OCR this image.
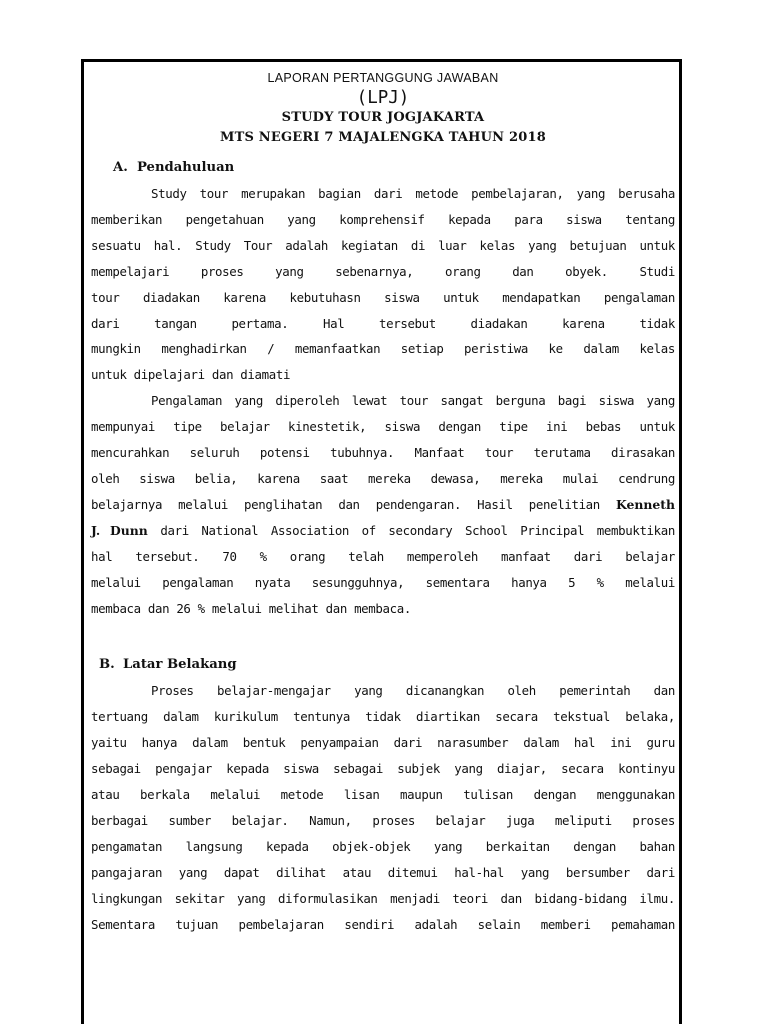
LAPORAN PERTANGGUNG JAWABAN
(LPJ)
STUDY TOUR JOGJAKARTA
MTS NEGERI 7 MAJALENGKA TAHUN 2018
A. Pendahuluan
Study tour merupakan bagian dari metode pembelajaran, yang berusaha
memberikan pengetahuan yang komprehensif kepada para siswa tentang
sesuatu hal. Study Tour adalah kegiatan di luar kelas yang betujuan untuk
mempelajari proses yang sebenarnya, orang dan obyek. Studi
tour diadakan karena kebutuhasn siswa untuk mendapatkan pengalaman
dari tangan pertama. Hal tersebut diadakan karena tidak
mungkin menghadirkan / memanfaatkan setiap peristiwa ke dalam kelas
untuk dipelajari dan diamati
Pengalaman yang diperoleh lewat tour sangat berguna bagi siswa yang
mempunyai tipe belajar kinestetik, siswa dengan tipe ini bebas untuk
mencurahkan seluruh potensi tubuhnya. Manfaat tour terutama dirasakan
oleh siswa belia, karena saat mereka dewasa, mereka mulai cendrung
belajarnya melalui penglihatan dan pendengaran. Hasil penelitian Kenneth
J. Dunn dari National Association of secondary School Principal membuktikan
hal tersebut. 70 % orang telah memperoleh manfaat dari belajar
melalui pengalaman nyata sesungguhnya, sementara hanya 5 % melalui
membaca dan 26 % melalui melihat dan membaca.
B. Latar Belakang
Proses belajar-mengajar yang dicanangkan oleh pemerintah dan
tertuang dalam kurikulum tentunya tidak diartikan secara tekstual belaka,
yaitu hanya dalam bentuk penyampaian dari narasumber dalam hal ini guru
sebagai pengajar kepada siswa sebagai subjek yang diajar, secara kontinyu
atau berkala melalui metode lisan maupun tulisan dengan menggunakan
berbagai sumber belajar. Namun, proses belajar juga meliputi proses
pengamatan langsung kepada objek-objek yang berkaitan dengan bahan
pangajaran yang dapat dilihat atau ditemui hal-hal yang bersumber dari
lingkungan sekitar yang diformulasikan menjadi teori dan bidang-bidang ilmu.
Sementara tujuan pembelajaran sendiri adalah selain memberi pemahaman
